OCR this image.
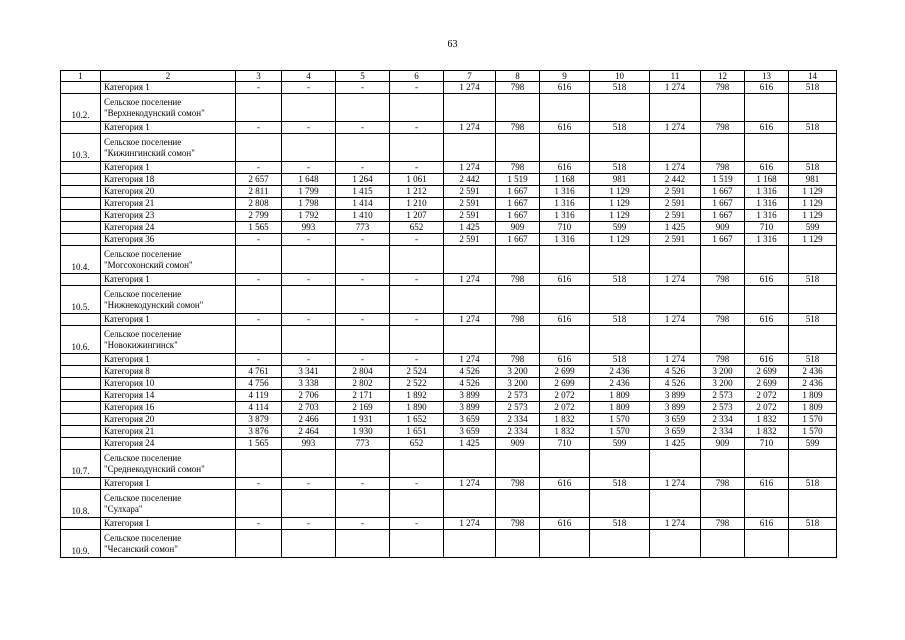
63
1	2	3	4	5	6	7	8	9	10	11	12	13	14
	Категория 1	-	-	-	-	1 274	798	616	518	1 274	798	616	518
10.2.	Сельское поселение
"Верхнекодунский сомон"												

	Категория 1	-	-	-	-	1 274	798	616	518	1 274	798	616	518
10.3.	Сельское поселение
"Кижингинский сомон"												

	Категория 1	-	-	-	-	1 274	798	616	518	1 274	798	616	518
	Категория 18	2 657	1 648	1 264	1 061	2 442	1 519	1 168	981	2 442	1 519	1 168	981
	Категория 20	2 811	1 799	1 415	1 212	2 591	1 667	1 316	1 129	2 591	1 667	1 316	1 129
	Категория 21	2 808	1 798	1 414	1 210	2 591	1 667	1 316	1 129	2 591	1 667	1 316	1 129
	Категория 23	2 799	1 792	1 410	1 207	2 591	1 667	1 316	1 129	2 591	1 667	1 316	1 129
	Категория 24	1 565	993	773	652	1 425	909	710	599	1 425	909	710	599
	Категория 36	-	-	-	-	2 591	1 667	1 316	1 129	2 591	1 667	1 316	1 129
10.4.	Сельское поселение
"Могсохонский сомон"												

	Категория 1	-	-	-	-	1 274	798	616	518	1 274	798	616	518
10.5.	Сельское поселение
"Нижнекодунский сомон"												

	Категория 1	-	-	-	-	1 274	798	616	518	1 274	798	616	518
10.6.	Сельское поселение
"Новокижингинск"												

	Категория 1	-	-	-	-	1 274	798	616	518	1 274	798	616	518
	Категория 8	4 761	3 341	2 804	2 524	4 526	3 200	2 699	2 436	4 526	3 200	2 699	2 436
	Категория 10	4 756	3 338	2 802	2 522	4 526	3 200	2 699	2 436	4 526	3 200	2 699	2 436
	Категория 14	4 119	2 706	2 171	1 892	3 899	2 573	2 072	1 809	3 899	2 573	2 072	1 809
	Категория 16	4 114	2 703	2 169	1 890	3 899	2 573	2 072	1 809	3 899	2 573	2 072	1 809
	Категория 20	3 879	2 466	1 931	1 652	3 659	2 334	1 832	1 570	3 659	2 334	1 832	1 570
	Категория 21	3 876	2 464	1 930	1 651	3 659	2 334	1 832	1 570	3 659	2 334	1 832	1 570
	Категория 24	1 565	993	773	652	1 425	909	710	599	1 425	909	710	599
10.7.	Сельское поселение
"Среднекодунский сомон"												

	Категория 1	-	-	-	-	1 274	798	616	518	1 274	798	616	518
10.8.	Сельское поселение
"Сулхара"												

	Категория 1	-	-	-	-	1 274	798	616	518	1 274	798	616	518
10.9.	Сельское поселение
"Чесанский сомон"												
